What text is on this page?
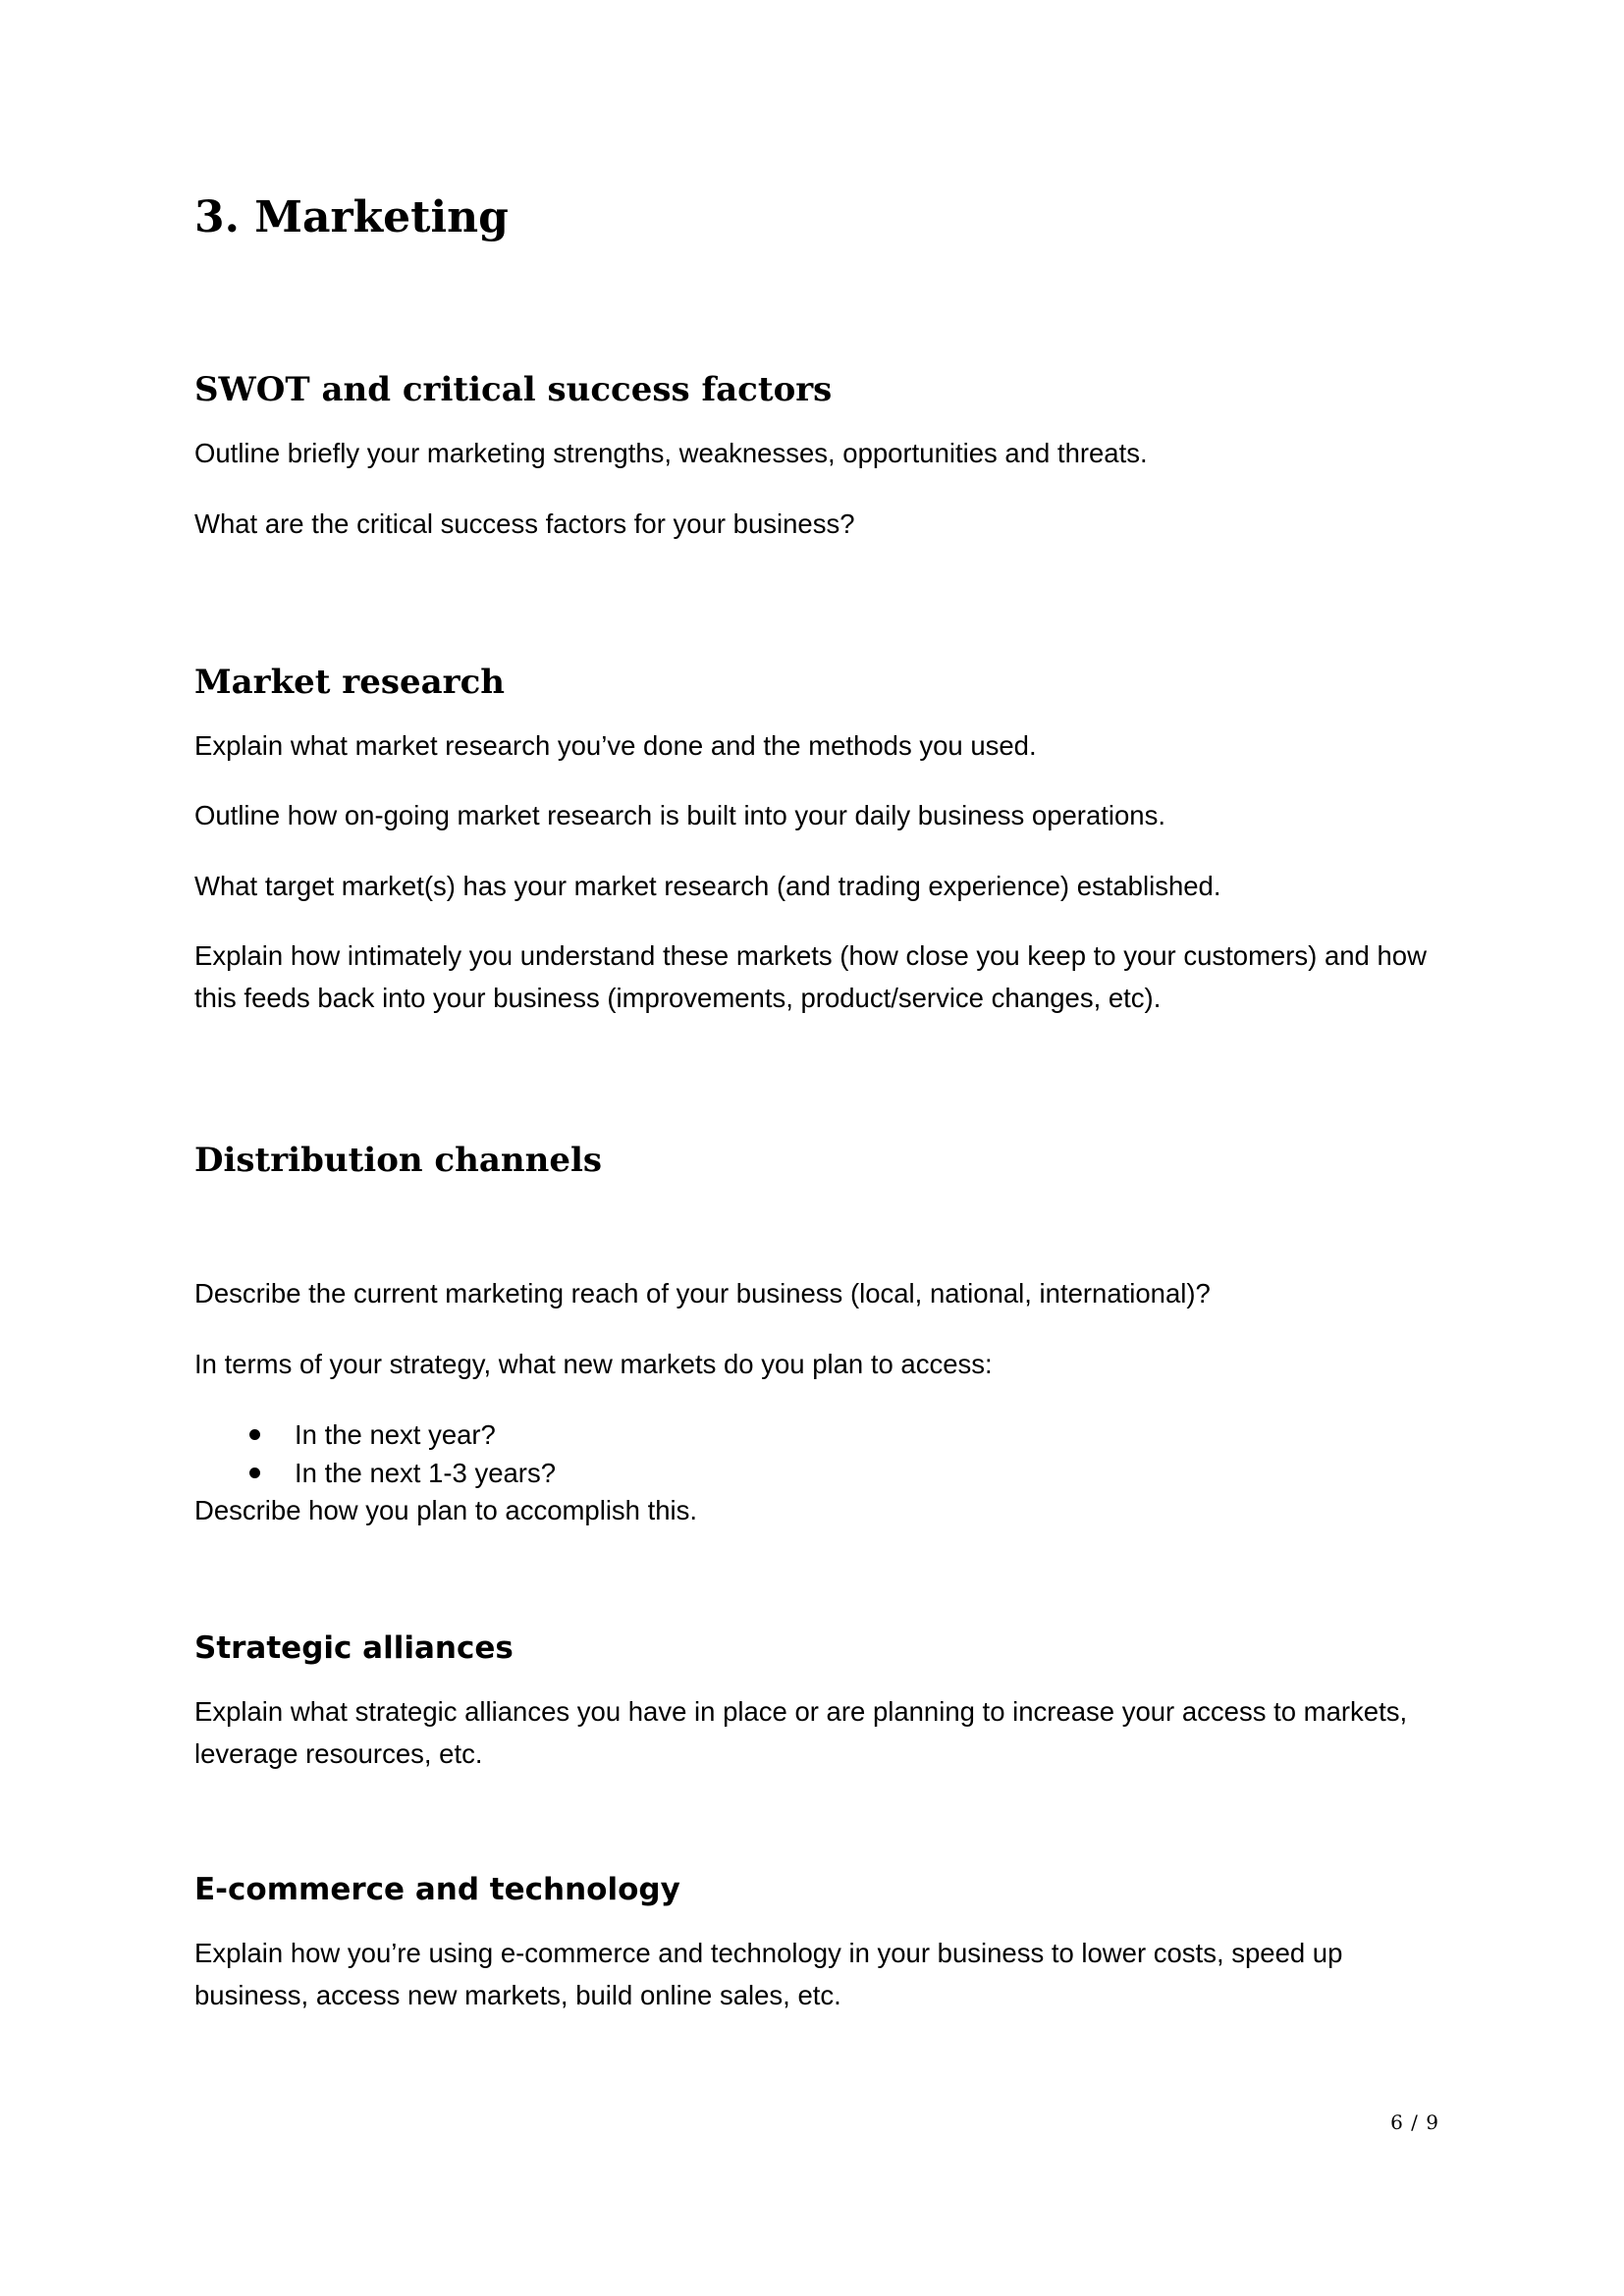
3. Marketing
SWOT and critical success factors

Outline briefly your marketing strengths, weaknesses, opportunities and threats.

What are the critical success factors for your business?

Market research

Explain what market research you’ve done and the methods you used.

Outline how on-going market research is built into your daily business operations.

What target market(s) has your market research (and trading experience) established.

Explain how intimately you understand these markets (how close you keep to your customers) and how this feeds back into your business (improvements, product/service changes, etc).

Distribution channels

Describe the current marketing reach of your business (local, national, international)?

In terms of your strategy, what new markets do you plan to access:

In the next year?
In the next 1-3 years?

Describe how you plan to accomplish this.

Strategic alliances

Explain what strategic alliances you have in place or are planning to increase your access to markets, leverage resources, etc.

E-commerce and technology

Explain how you’re using e-commerce and technology in your business to lower costs, speed up business, access new markets, build online sales, etc.

6 / 9
